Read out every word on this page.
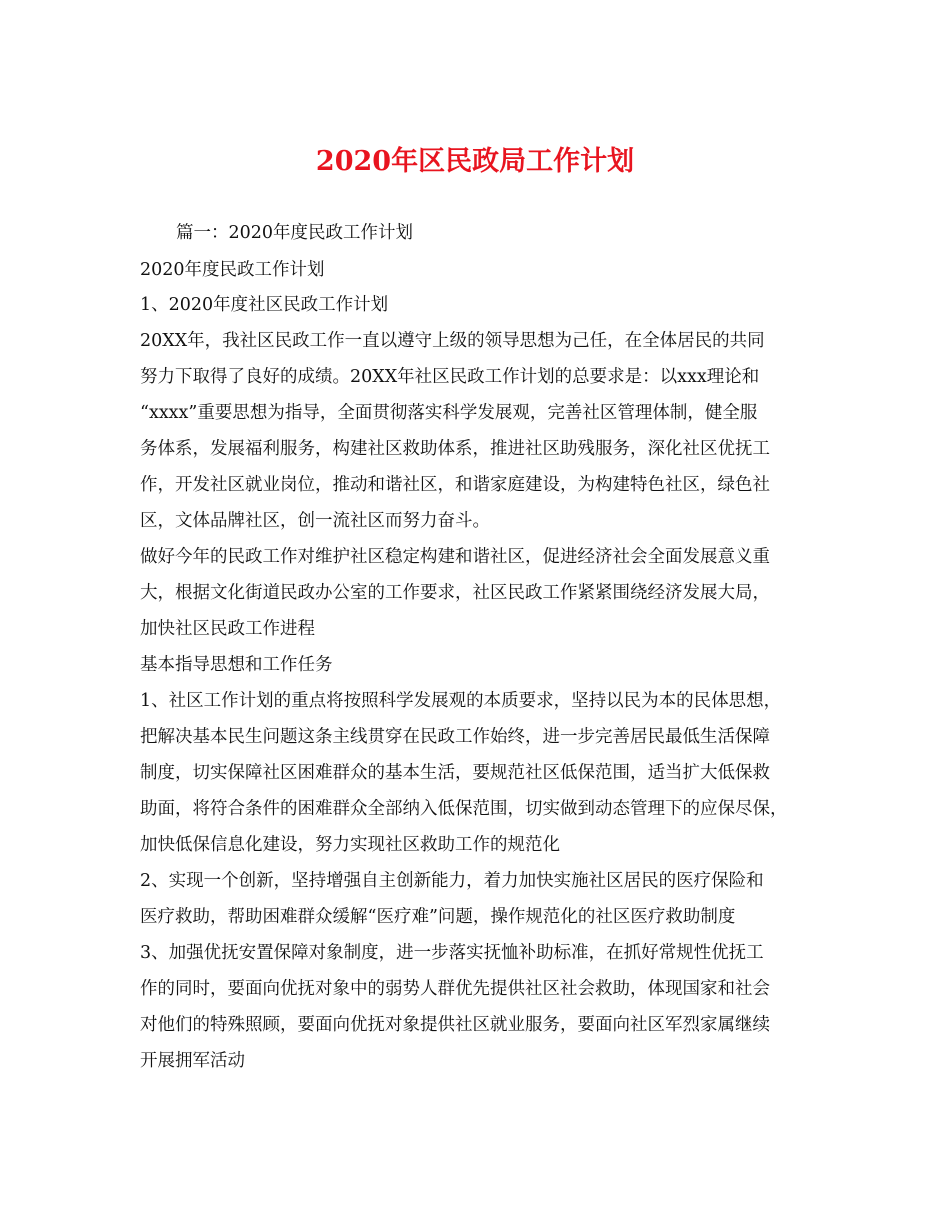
2020年区民政局工作计划
篇一：2020年度民政工作计划
2020年度民政工作计划
1、2020年度社区民政工作计划
20XX年，我社区民政工作一直以遵守上级的领导思想为己任，在全体居民的共同
努力下取得了良好的成绩。20XX年社区民政工作计划的总要求是：以xxx理论和
“xxxx”重要思想为指导，全面贯彻落实科学发展观，完善社区管理体制，健全服
务体系，发展福利服务，构建社区救助体系，推进社区助残服务，深化社区优抚工
作，开发社区就业岗位，推动和谐社区，和谐家庭建设，为构建特色社区，绿色社
区，文体品牌社区，创一流社区而努力奋斗。
做好今年的民政工作对维护社区稳定构建和谐社区，促进经济社会全面发展意义重
大，根据文化街道民政办公室的工作要求，社区民政工作紧紧围绕经济发展大局，
加快社区民政工作进程
基本指导思想和工作任务
1、社区工作计划的重点将按照科学发展观的本质要求，坚持以民为本的民体思想，
把解决基本民生问题这条主线贯穿在民政工作始终，进一步完善居民最低生活保障
制度，切实保障社区困难群众的基本生活，要规范社区低保范围，适当扩大低保救
助面，将符合条件的困难群众全部纳入低保范围，切实做到动态管理下的应保尽保，
加快低保信息化建设，努力实现社区救助工作的规范化
2、实现一个创新，坚持增强自主创新能力，着力加快实施社区居民的医疗保险和
医疗救助，帮助困难群众缓解“医疗难”问题，操作规范化的社区医疗救助制度
3、加强优抚安置保障对象制度，进一步落实抚恤补助标准，在抓好常规性优抚工
作的同时，要面向优抚对象中的弱势人群优先提供社区社会救助，体现国家和社会
对他们的特殊照顾，要面向优抚对象提供社区就业服务，要面向社区军烈家属继续
开展拥军活动
